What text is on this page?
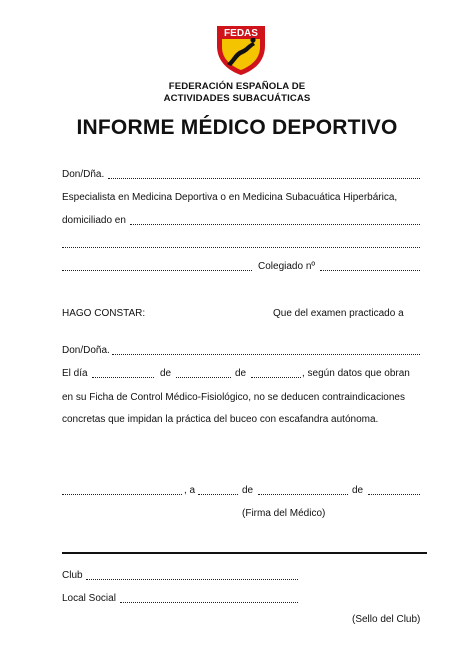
FEDAS
FEDERACIÓN ESPAÑOLA DE
ACTIVIDADES SUBACUÁTICAS
INFORME MÉDICO DEPORTIVO
Don/Dña.
Especialista en Medicina Deportiva o en Medicina Subacuática Hiperbárica,
domiciliado en
Colegiado nº
HAGO CONSTAR:	Que del examen practicado a
Don/Doña.
El día	de	de	, según datos que obran
en su Ficha de Control Médico-Fisiológico, no se deducen contraindicaciones
concretas que impidan la práctica del buceo con escafandra autónoma.
, a	de	de
(Firma del Médico)
Club
Local Social
(Sello del Club)
